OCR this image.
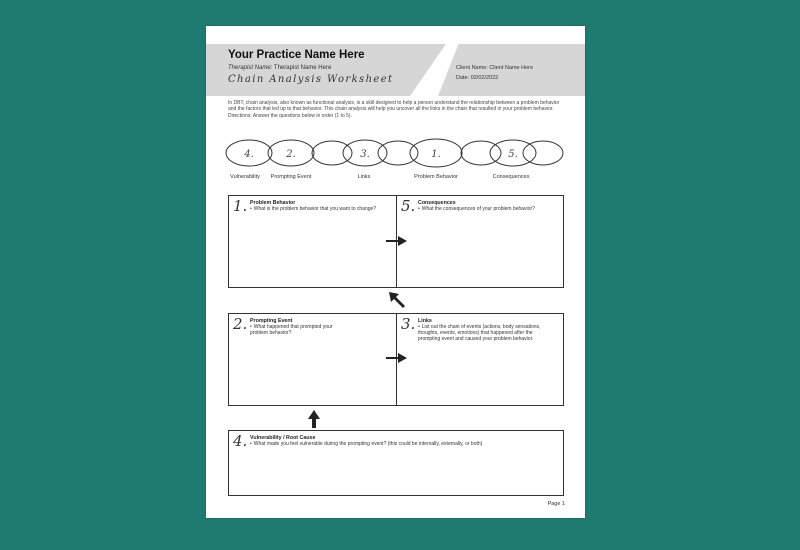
Your Practice Name Here
Therapist Name: Therapist Name Here
Chain Analysis Worksheet
Client Name: Client Name Here
Date: 02/02/2022
In DBT, chain analysis, also known as functional analysis, is a skill designed to help a person understand the relationship between a problem behavior and the factors that led up to that behavior. This chain analysis will help you uncover all the links in the chain that resulted in your problem behavior. Directions: Answer the questions below in order (1 to 5).
4.	2.	3.	1.	5.
Vulnerability Prompting Event	Links	Problem Behavior	Consequences
1. Problem Behavior
• What is the problem behavior that you want to change?	5. Consequences
• What the consequences of your problem behavior?
2. Prompting Event
• What happened that prompted your problem behavior?
3. Links
• List out the chain of events (actions, body sensations, thoughts, events, emotions) that happened after the prompting event and caused your problem behavior.
4. Vulnerability / Root Cause
• What made you feel vulnerable during the prompting event? (this could be internally, externally, or both)
Page 1
